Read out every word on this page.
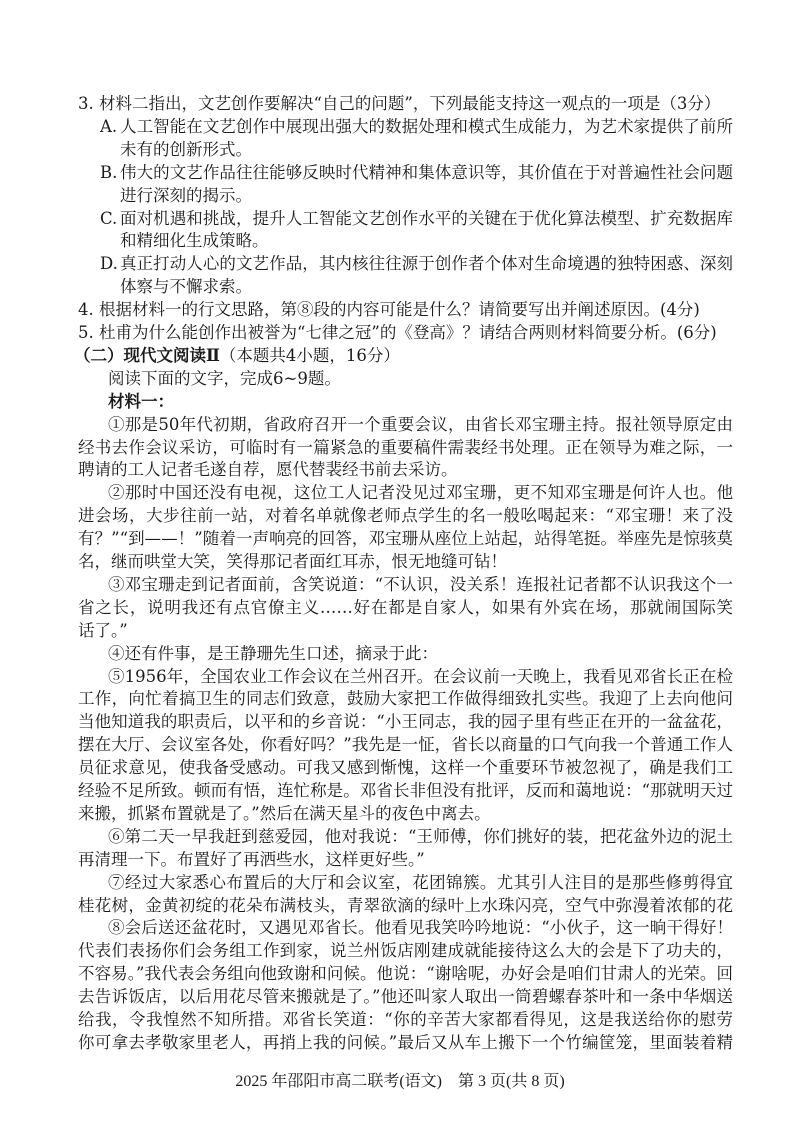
3. 材料二指出，文艺创作要解决“自己的问题”，下列最能支持这一观点的一项是（3分）
A. 人工智能在文艺创作中展现出强大的数据处理和模式生成能力，为艺术家提供了前所
未有的创新形式。
B. 伟大的文艺作品往往能够反映时代精神和集体意识等，其价值在于对普遍性社会问题
进行深刻的揭示。
C. 面对机遇和挑战，提升人工智能文艺创作水平的关键在于优化算法模型、扩充数据库
和精细化生成策略。
D. 真正打动人心的文艺作品，其内核往往源于创作者个体对生命境遇的独特困惑、深刻
体察与不懈求索。
4. 根据材料一的行文思路，第⑧段的内容可能是什么？请简要写出并阐述原因。(4分)
5. 杜甫为什么能创作出被誉为“七律之冠”的《登高》？请结合两则材料简要分析。(6分)
（二）现代文阅读Ⅱ（本题共4小题，16分）
阅读下面的文字，完成6~9题。
材料一：
①那是50年代初期，省政府召开一个重要会议，由省长邓宝珊主持。报社领导原定由
经书去作会议采访，可临时有一篇紧急的重要稿件需裴经书处理。正在领导为难之际，一
聘请的工人记者毛遂自荐，愿代替裴经书前去采访。
②那时中国还没有电视，这位工人记者没见过邓宝珊，更不知邓宝珊是何许人也。他
进会场，大步往前一站，对着名单就像老师点学生的名一般吆喝起来：“邓宝珊！来了没
有？”“到——！”随着一声响亮的回答，邓宝珊从座位上站起，站得笔挺。举座先是惊骇莫
名，继而哄堂大笑，笑得那记者面红耳赤，恨无地缝可钻！
③邓宝珊走到记者面前，含笑说道：“不认识，没关系！连报社记者都不认识我这个一
省之长，说明我还有点官僚主义……好在都是自家人，如果有外宾在场，那就闹国际笑
话了。”
④还有件事，是王静珊先生口述，摘录于此：
⑤1956年，全国农业工作会议在兰州召开。在会议前一天晚上，我看见邓省长正在检
工作，向忙着搞卫生的同志们致意，鼓励大家把工作做得细致扎实些。我迎了上去向他问
当他知道我的职责后，以平和的乡音说：“小王同志，我的园子里有些正在开的一盆盆花，
摆在大厅、会议室各处，你看好吗？”我先是一怔，省长以商量的口气向我一个普通工作人
员征求意见，使我备受感动。可我又感到惭愧，这样一个重要环节被忽视了，确是我们工
经验不足所致。顿而有悟，连忙称是。邓省长非但没有批评，反而和蔼地说：“那就明天过
来搬，抓紧布置就是了。”然后在满天星斗的夜色中离去。
⑥第二天一早我赶到慈爱园，他对我说：“王师傅，你们挑好的装，把花盆外边的泥土
再清理一下。布置好了再洒些水，这样更好些。”
⑦经过大家悉心布置后的大厅和会议室，花团锦簇。尤其引人注目的是那些修剪得宜
桂花树，金黄初绽的花朵布满枝头，青翠欲滴的绿叶上水珠闪亮，空气中弥漫着浓郁的花
⑧会后送还盆花时，又遇见邓省长。他看见我笑吟吟地说：“小伙子，这一晌干得好！
代表们表扬你们会务组工作到家，说兰州饭店刚建成就能接待这么大的会是下了功夫的，
不容易。”我代表会务组向他致谢和问候。他说：“谢啥呢，办好会是咱们甘肃人的光荣。回
去告诉饭店，以后用花尽管来搬就是了。”他还叫家人取出一筒碧螺春茶叶和一条中华烟送
给我，令我惶然不知所措。邓省长笑道：“你的辛苦大家都看得见，这是我送给你的慰劳
你可拿去孝敬家里老人，再捎上我的问候。”最后又从车上搬下一个竹编筐笼，里面装着精
2025 年邵阳市高二联考(语文)　第 3 页(共 8 页)
